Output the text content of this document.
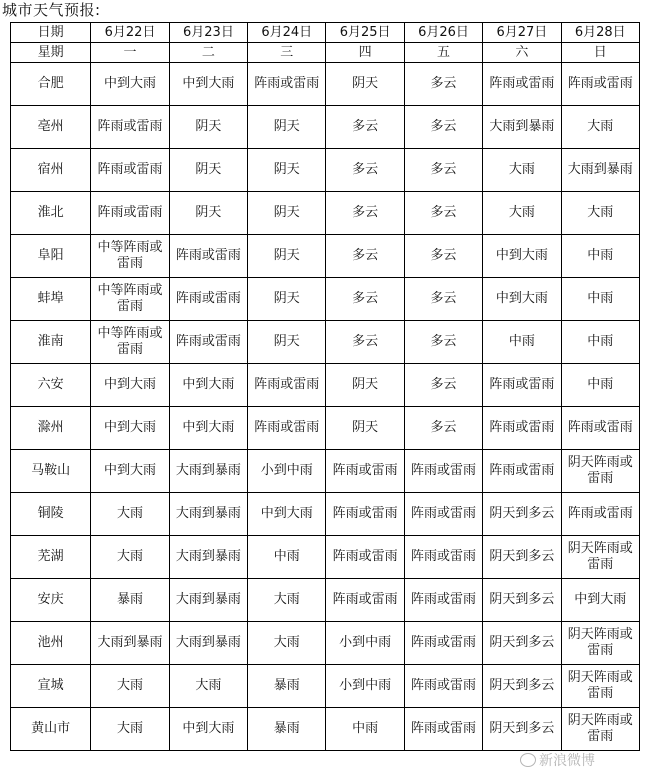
城市天气预报:
日期	6月22日	6月23日	6月24日	6月25日	6月26日	6月27日	6月28日
星期	一	二	三	四	五	六	日
合肥	中到大雨	中到大雨	阵雨或雷雨	阴天	多云	阵雨或雷雨	阵雨或雷雨
亳州	阵雨或雷雨	阴天	阴天	多云	多云	大雨到暴雨	大雨
宿州	阵雨或雷雨	阴天	阴天	多云	多云	大雨	大雨到暴雨
淮北	阵雨或雷雨	阴天	阴天	多云	多云	大雨	大雨
阜阳	中等阵雨或雷雨	阵雨或雷雨	阴天	多云	多云	中到大雨	中雨
蚌埠	中等阵雨或雷雨	阵雨或雷雨	阴天	多云	多云	中到大雨	中雨
淮南	中等阵雨或雷雨	阵雨或雷雨	阴天	多云	多云	中雨	中雨
六安	中到大雨	中到大雨	阵雨或雷雨	阴天	多云	阵雨或雷雨	中雨
滁州	中到大雨	中到大雨	阵雨或雷雨	阴天	多云	阵雨或雷雨	阵雨或雷雨
马鞍山	中到大雨	大雨到暴雨	小到中雨	阵雨或雷雨	阵雨或雷雨	阵雨或雷雨	阴天阵雨或雷雨
铜陵	大雨	大雨到暴雨	中到大雨	阵雨或雷雨	阵雨或雷雨	阴天到多云	阵雨或雷雨
芜湖	大雨	大雨到暴雨	中雨	阵雨或雷雨	阵雨或雷雨	阴天到多云	阴天阵雨或雷雨
安庆	暴雨	大雨到暴雨	大雨	阵雨或雷雨	阵雨或雷雨	阴天到多云	中到大雨
池州	大雨到暴雨	大雨到暴雨	大雨	小到中雨	阵雨或雷雨	阴天到多云	阴天阵雨或雷雨
宣城	大雨	大雨	暴雨	小到中雨	阵雨或雷雨	阴天到多云	阴天阵雨或雷雨
黄山市	大雨	中到大雨	暴雨	中雨	阵雨或雷雨	阴天到多云	阴天阵雨或雷雨
新浪微博
